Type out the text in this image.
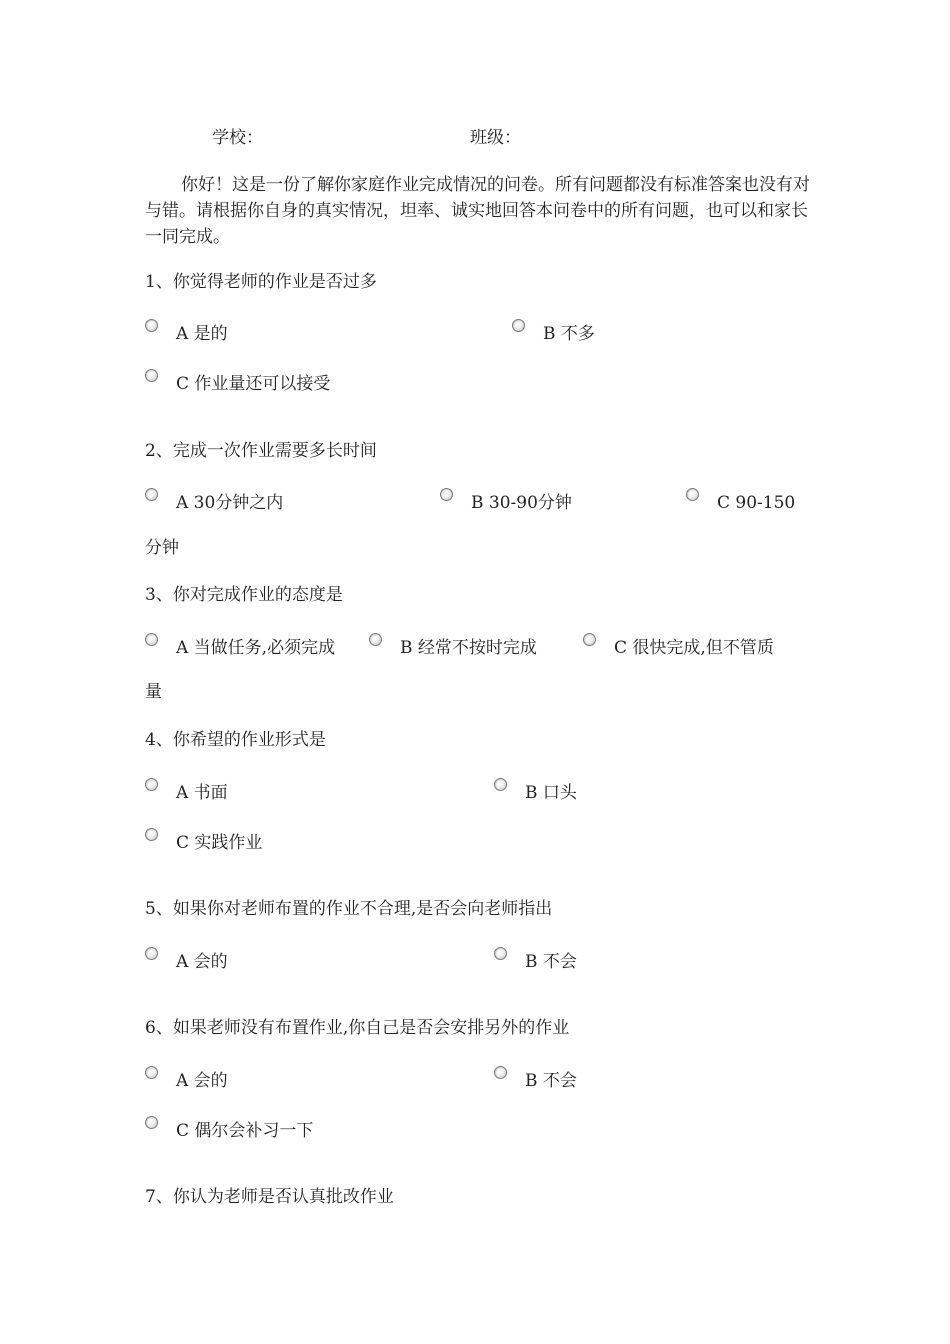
学校：	班级：
你好！这是一份了解你家庭作业完成情况的问卷。所有问题都没有标准答案也没有对与错。请根据你自身的真实情况，坦率、诚实地回答本问卷中的所有问题，也可以和家长一同完成。
1、你觉得老师的作业是否过多
A 是的	B 不多
C 作业量还可以接受
2、完成一次作业需要多长时间
A 30分钟之内	B 30-90分钟	C 90-150
分钟
3、你对完成作业的态度是
A 当做任务,必须完成	B 经常不按时完成	C 很快完成,但不管质
量
4、你希望的作业形式是
A 书面	B 口头
C 实践作业
5、如果你对老师布置的作业不合理,是否会向老师指出
A 会的	B 不会
6、如果老师没有布置作业,你自己是否会安排另外的作业
A 会的	B 不会
C 偶尔会补习一下
7、你认为老师是否认真批改作业
